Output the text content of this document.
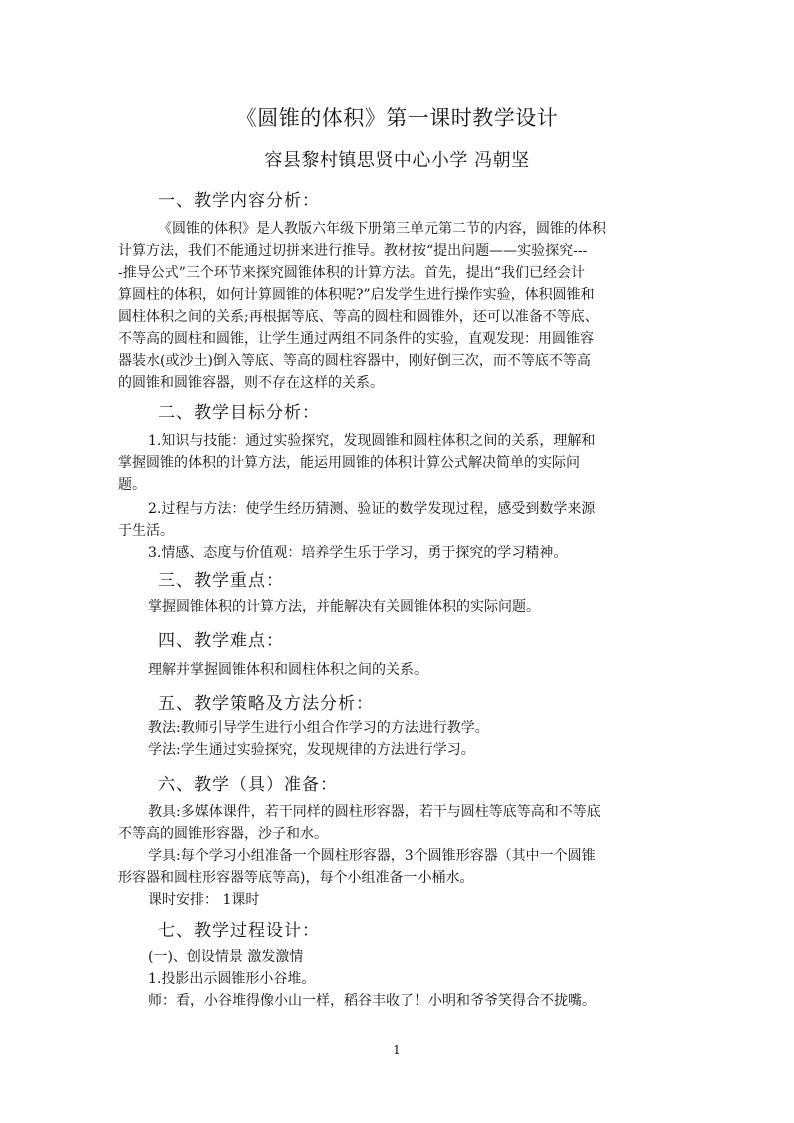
《圆锥的体积》第一课时教学设计
容县黎村镇思贤中心小学 冯朝坚
一、教学内容分析：
《圆锥的体积》是人教版六年级下册第三单元第二节的内容，圆锥的体积
计算方法，我们不能通过切拼来进行推导。教材按“提出问题——实验探究---
-推导公式”三个环节来探究圆锥体积的计算方法。首先，提出“我们已经会计
算圆柱的体积，如何计算圆锥的体积呢?”启发学生进行操作实验，体积圆锥和
圆柱体积之间的关系;再根据等底、等高的圆柱和圆锥外，还可以准备不等底、
不等高的圆柱和圆锥，让学生通过两组不同条件的实验，直观发现：用圆锥容
器装水(或沙土)倒入等底、等高的圆柱容器中，刚好倒三次，而不等底不等高
的圆锥和圆锥容器，则不存在这样的关系。
二、教学目标分析：
1.知识与技能：通过实验探究，发现圆锥和圆柱体积之间的关系，理解和
掌握圆锥的体积的计算方法，能运用圆锥的体积计算公式解决简单的实际问
题。
2.过程与方法：使学生经历猜测、验证的数学发现过程，感受到数学来源
于生活。
3.情感、态度与价值观：培养学生乐于学习，勇于探究的学习精神。
三、教学重点：
掌握圆锥体积的计算方法，并能解决有关圆锥体积的实际问题。
四、教学难点：
理解并掌握圆锥体积和圆柱体积之间的关系。
五、教学策略及方法分析：
教法:教师引导学生进行小组合作学习的方法进行教学。
学法:学生通过实验探究，发现规律的方法进行学习。
六、教学（具）准备：
教具:多媒体课件，若干同样的圆柱形容器，若干与圆柱等底等高和不等底
不等高的圆锥形容器，沙子和水。
学具:每个学习小组准备一个圆柱形容器，3个圆锥形容器（其中一个圆锥
形容器和圆柱形容器等底等高)，每个小组准备一小桶水。
课时安排： 1课时
七、教学过程设计：
(一)、创设情景 激发激情
1.投影出示圆锥形小谷堆。
师：看，小谷堆得像小山一样，稻谷丰收了！小明和爷爷笑得合不拢嘴。
1
